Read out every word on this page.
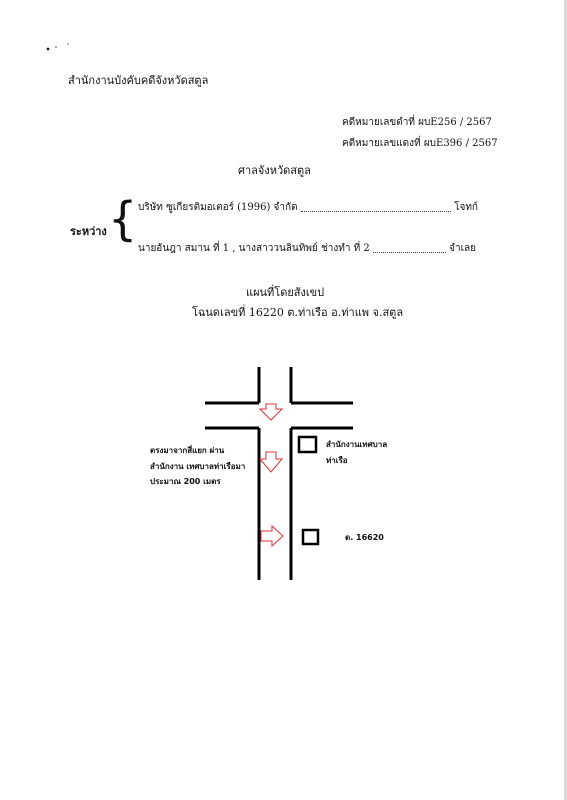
สำนักงานบังคับคดีจังหวัดสตูล
คดีหมายเลขดำที่ ผบE256 / 2567
คดีหมายเลขแดงที่ ผบE396 / 2567
ศาลจังหวัดสตูล
ระหว่าง { บริษัท ซูเกียรติมอเตอร์ (1996) จำกัด	โจทก์
นายอันฎา สมาน ที่ 1 , นางสาววนลินทิพย์ ช่างทำ ที่ 2	จำเลย
แผนที่โดยสังเขป
โฉนดเลขที่ 16220 ต.ท่าเรือ อ.ท่าแพ จ.สตูล
ตรงมาจากสี่แยก ผ่านสำนักงาน เทศบาลท่าเรือมา ประมาณ 200 เมตร
สำนักงานเทศบาล ท่าเรือ
ต. 16620
